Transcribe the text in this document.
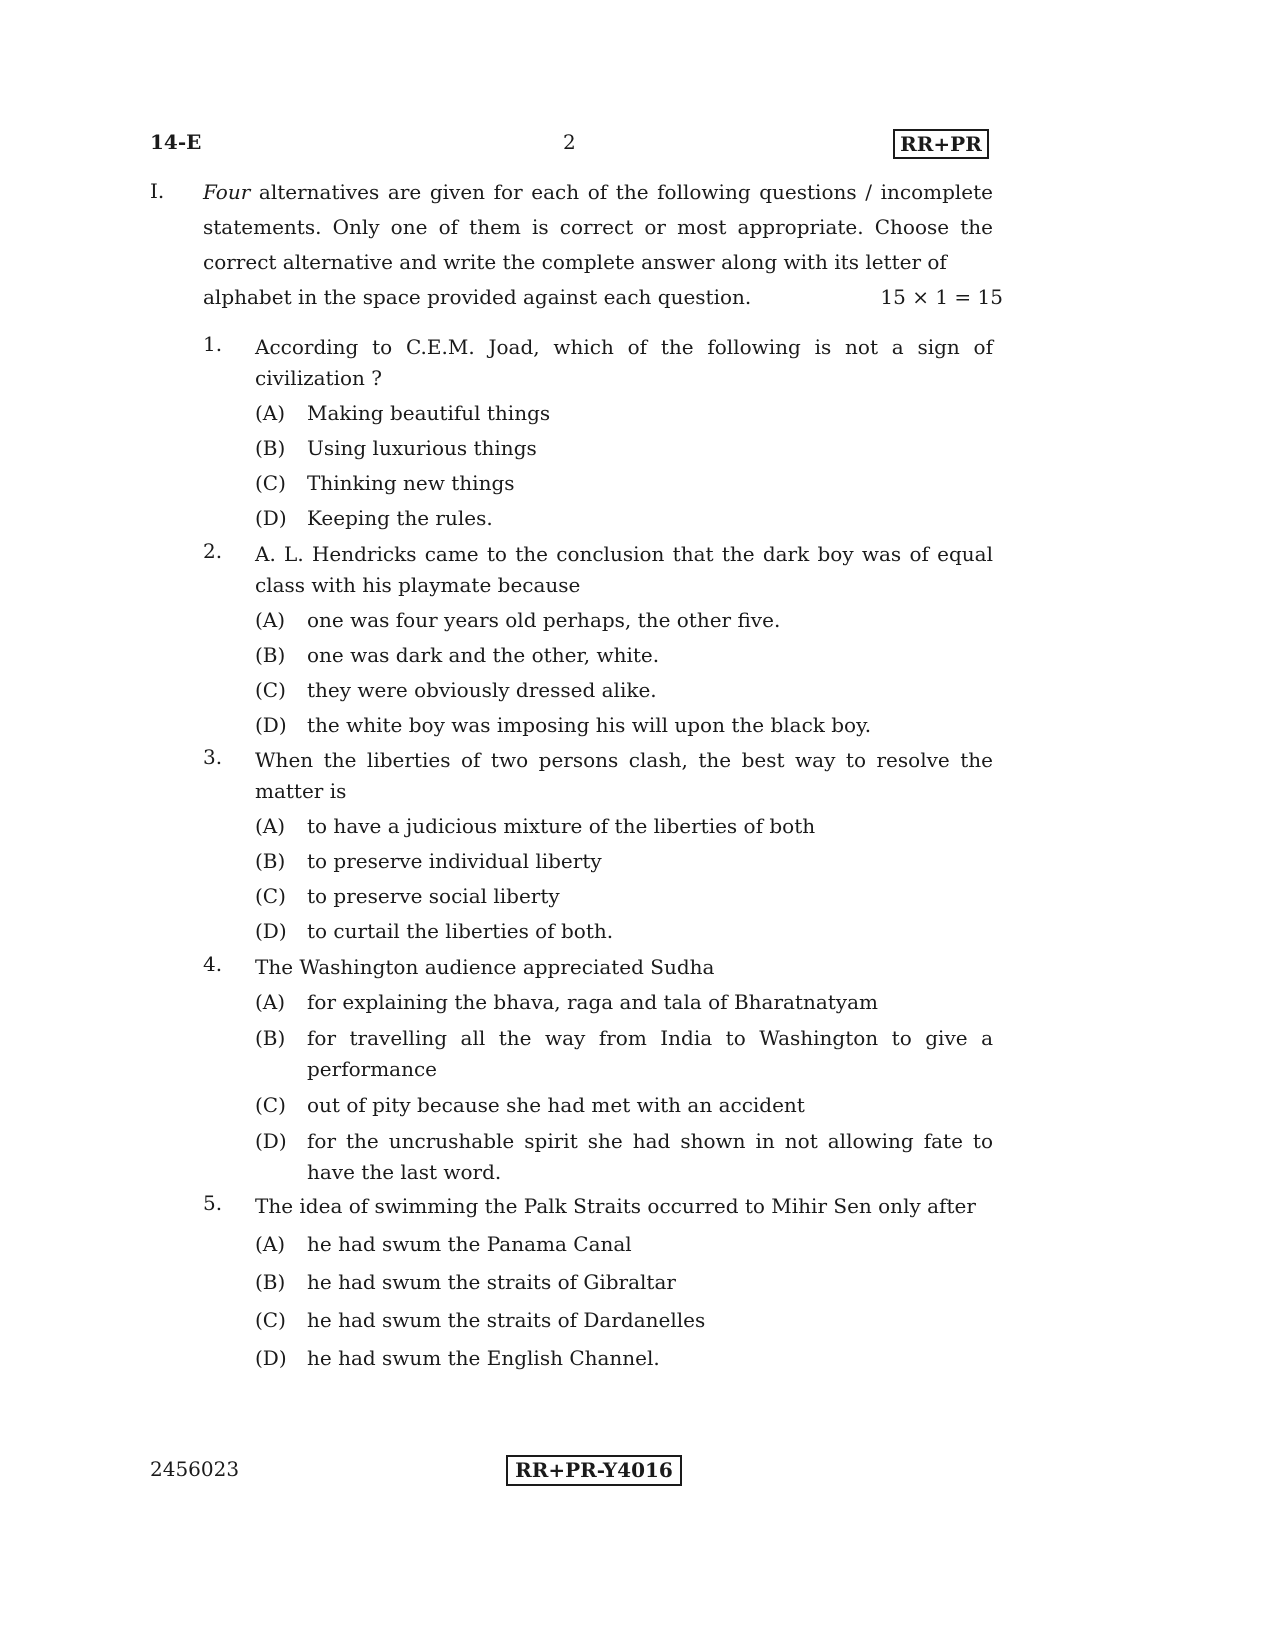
14-E	2	RR+PR
I. Four alternatives are given for each of the following questions / incomplete statements. Only one of them is correct or most appropriate. Choose the correct alternative and write the complete answer along with its letter of

alphabet in the space provided against each question.	15 × 1 = 15
1.	According to C.E.M. Joad, which of the following is not a sign of civilization ?
(A)	Making beautiful things
(B)	Using luxurious things
(C)	Thinking new things
(D)	Keeping the rules.
2.	A. L. Hendricks came to the conclusion that the dark boy was of equal class with his playmate because
(A)	one was four years old perhaps, the other five.
(B)	one was dark and the other, white.
(C)	they were obviously dressed alike.
(D)	the white boy was imposing his will upon the black boy.
3.	When the liberties of two persons clash, the best way to resolve the matter is
(A)	to have a judicious mixture of the liberties of both
(B)	to preserve individual liberty
(C)	to preserve social liberty
(D)	to curtail the liberties of both.
4.	The Washington audience appreciated Sudha
(A)	for explaining the bhava, raga and tala of Bharatnatyam
(B)	for travelling all the way from India to Washington to give a performance
(C)	out of pity because she had met with an accident
(D)	for the uncrushable spirit she had shown in not allowing fate to have the last word.
5.	The idea of swimming the Palk Straits occurred to Mihir Sen only after
(A)	he had swum the Panama Canal
(B)	he had swum the straits of Gibraltar
(C)	he had swum the straits of Dardanelles
(D)	he had swum the English Channel.
2456023	RR+PR-Y4016
